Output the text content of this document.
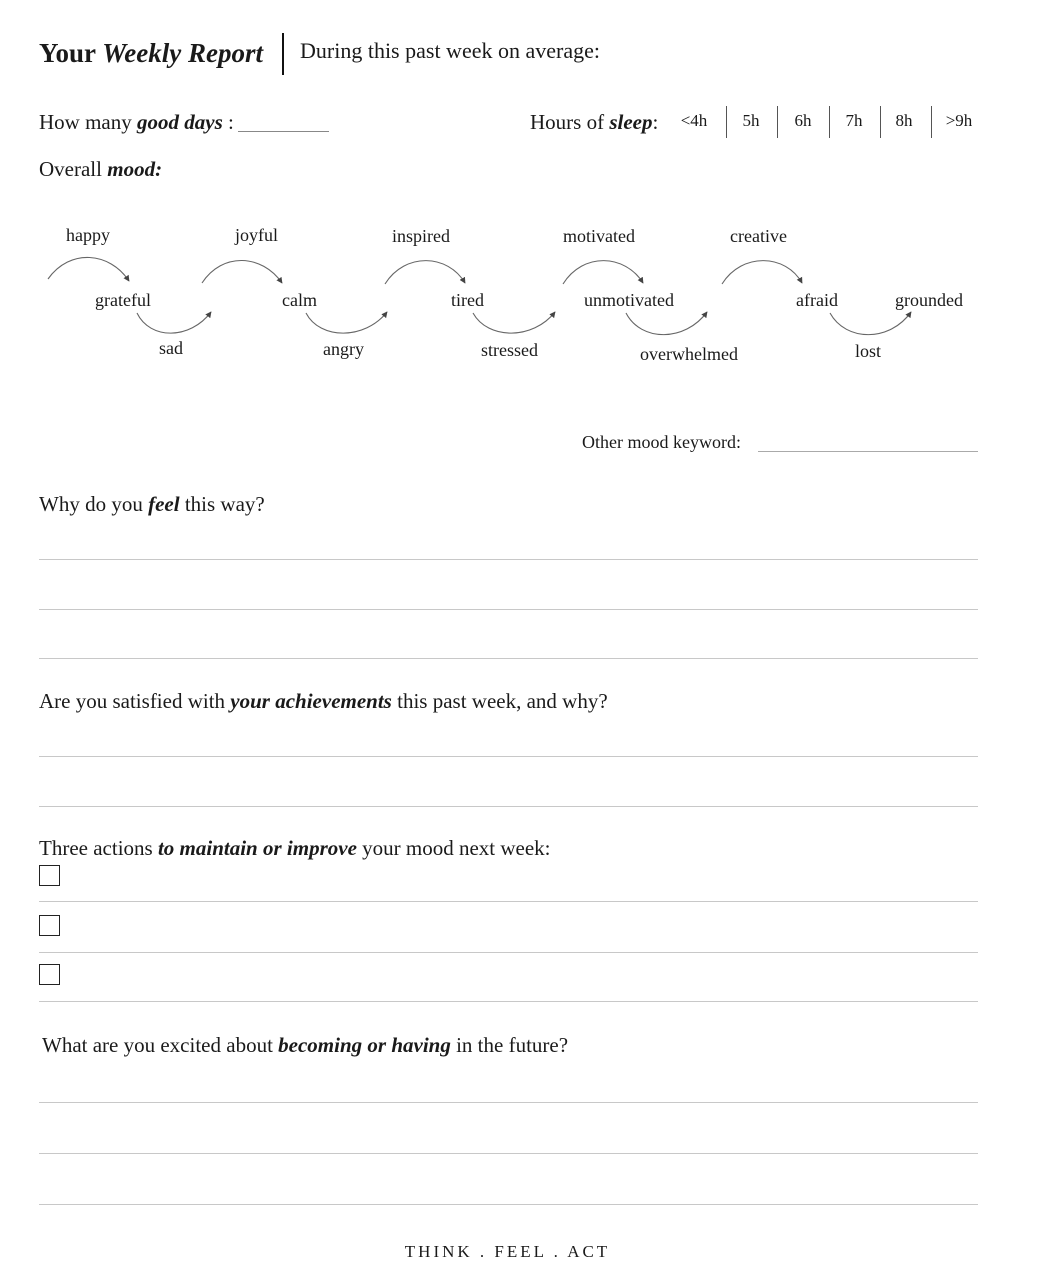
Your Weekly Report During this past week on average:
How many good days :	Hours of sleep:	<4h	5h	6h	7h	8h	>9h
Overall mood:
happy
grateful
sad
joyful
calm
angry
inspired
tired
stressed
motivated
unmotivated
overwhelmed
creative
afraid
lost
grounded
Other mood keyword:
Why do you feel this way?
Are you satisfied with your achievements this past week, and why?
Three actions to maintain or improve your mood next week:
What are you excited about becoming or having in the future?
THINK . FEEL . ACT
